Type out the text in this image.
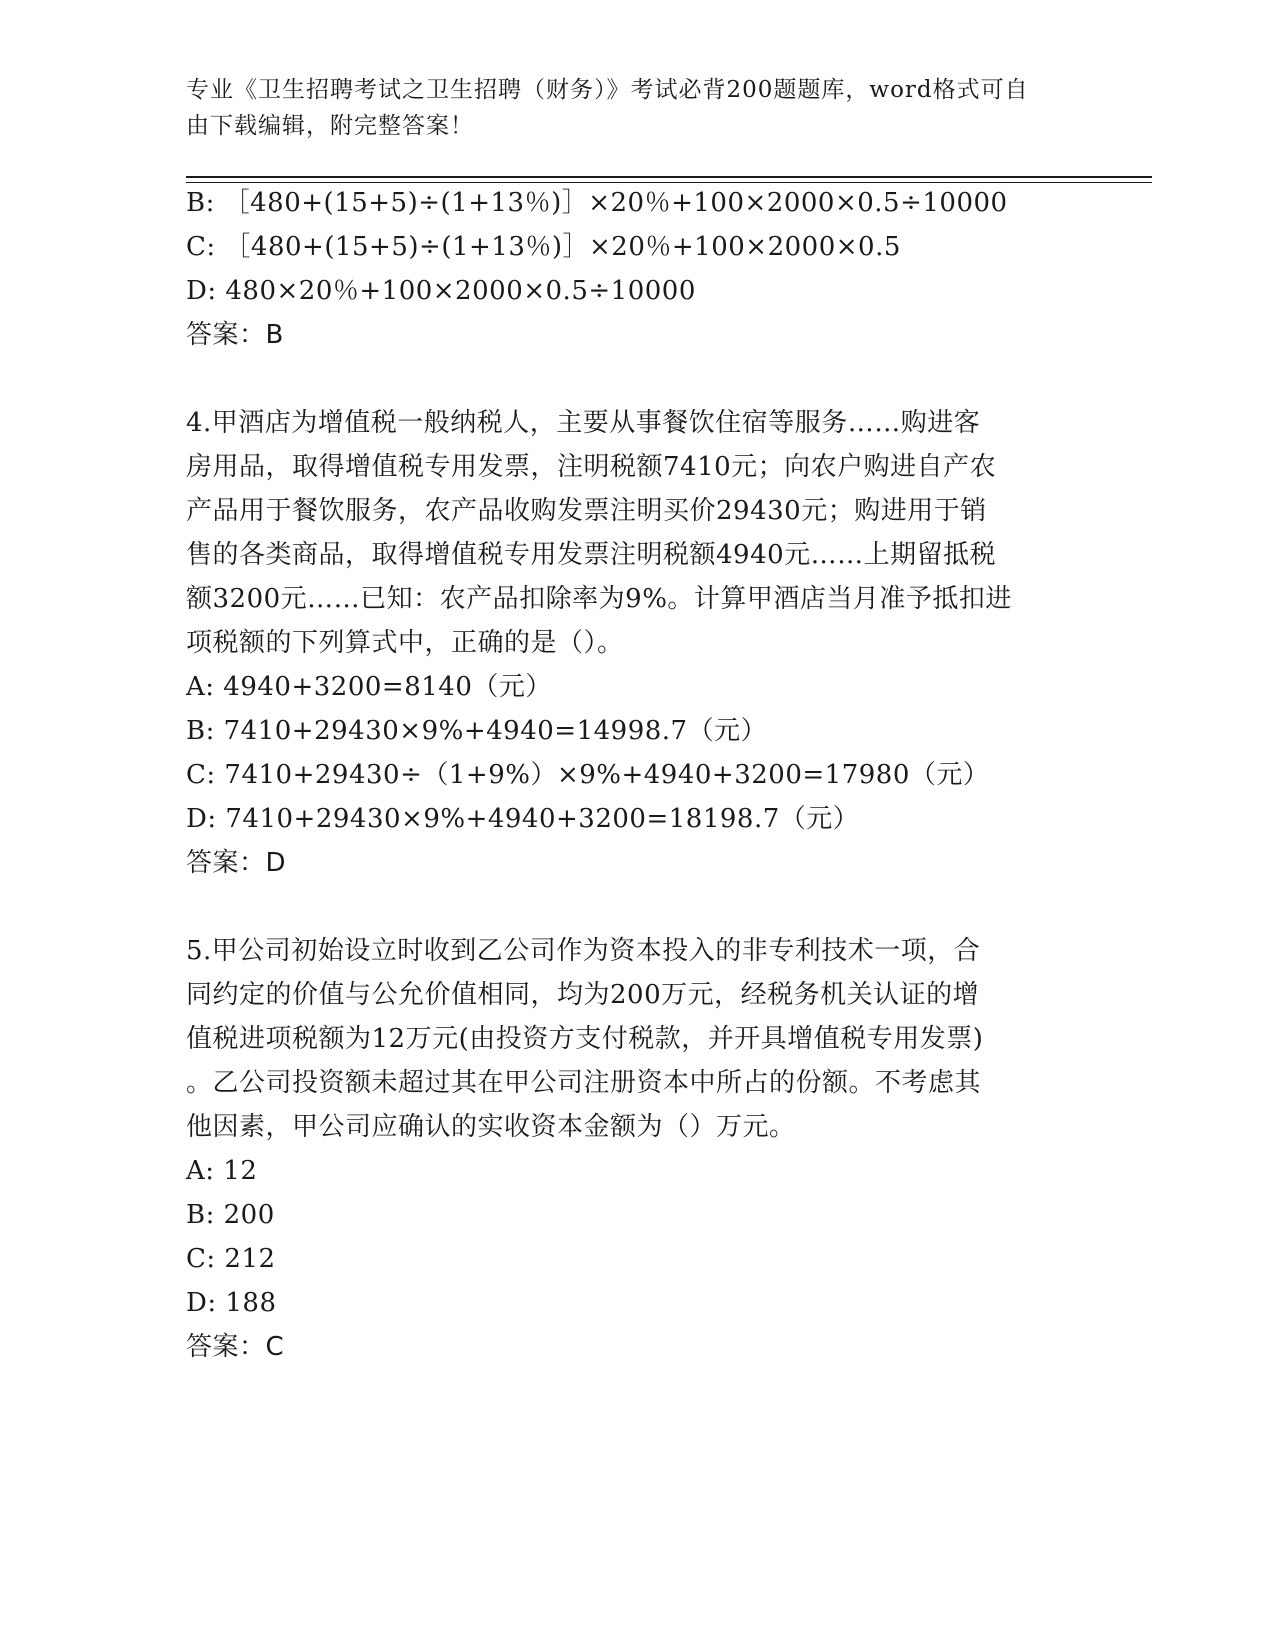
专业《卫生招聘考试之卫生招聘（财务）》考试必背200题题库，word格式可自
由下载编辑，附完整答案！
B: ［480+(15+5)÷(1+13％)］×20％+100×2000×0.5÷10000
C: ［480+(15+5)÷(1+13％)］×20％+100×2000×0.5
D: 480×20％+100×2000×0.5÷10000
答案：B
4.甲酒店为增值税一般纳税人，主要从事餐饮住宿等服务……购进客
房用品，取得增值税专用发票，注明税额7410元；向农户购进自产农
产品用于餐饮服务，农产品收购发票注明买价29430元；购进用于销
售的各类商品，取得增值税专用发票注明税额4940元……上期留抵税
额3200元……已知：农产品扣除率为9%。计算甲酒店当月准予抵扣进
项税额的下列算式中，正确的是（）。
A: 4940+3200=8140（元）
B: 7410+29430×9%+4940=14998.7（元）
C: 7410+29430÷（1+9%）×9%+4940+3200=17980（元）
D: 7410+29430×9%+4940+3200=18198.7（元）
答案：D
5.甲公司初始设立时收到乙公司作为资本投入的非专利技术一项，合
同约定的价值与公允价值相同，均为200万元，经税务机关认证的增
值税进项税额为12万元(由投资方支付税款，并开具增值税专用发票)
。乙公司投资额未超过其在甲公司注册资本中所占的份额。不考虑其
他因素，甲公司应确认的实收资本金额为（）万元。
A: 12
B: 200
C: 212
D: 188
答案：C
